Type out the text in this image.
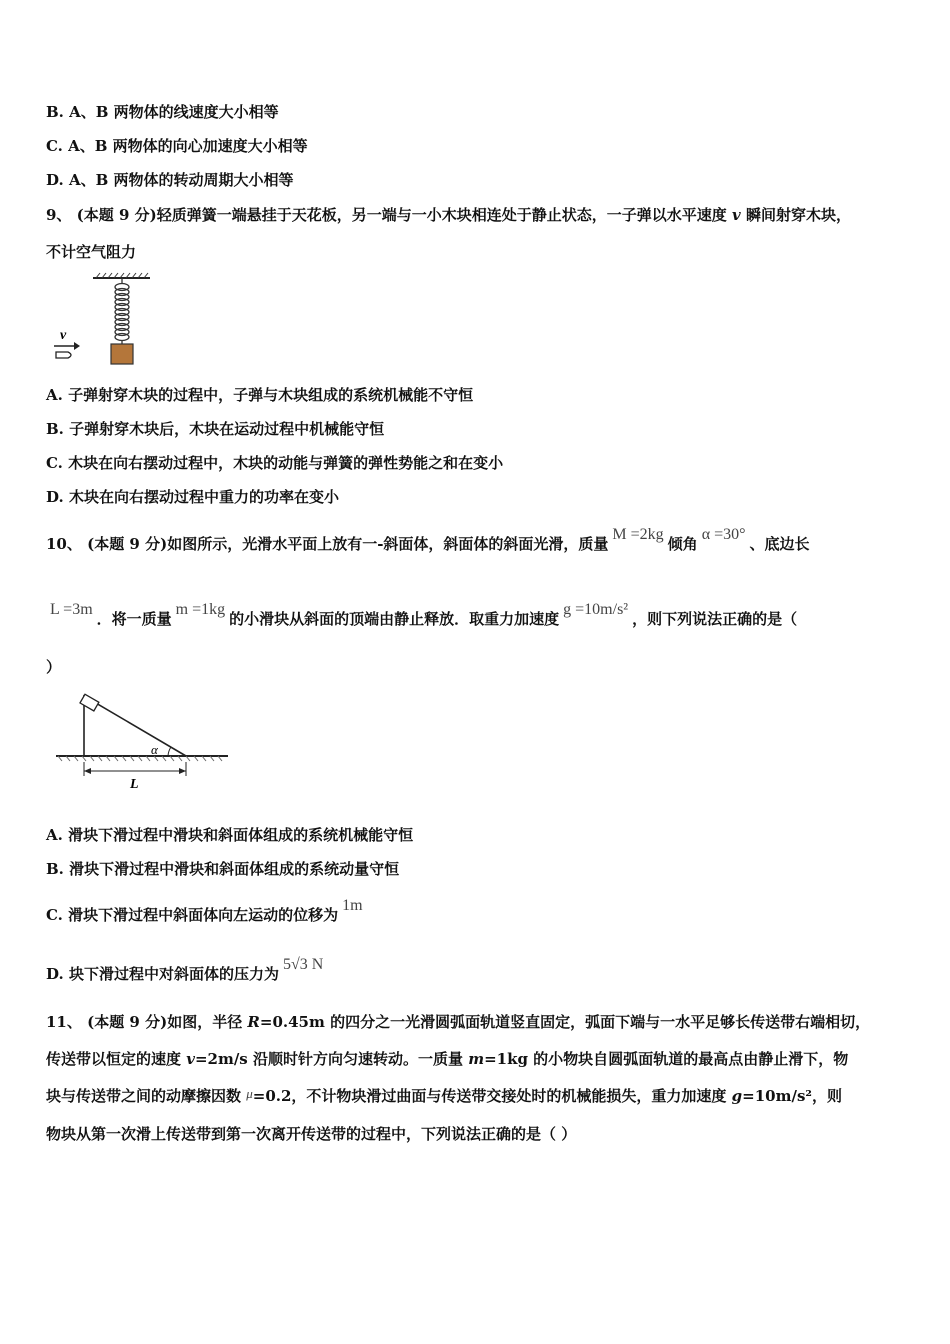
B. A、B 两物体的线速度大小相等
C. A、B 两物体的向心加速度大小相等
D. A、B 两物体的转动周期大小相等
9、 (本题 9 分)轻质弹簧一端悬挂于天花板，另一端与一小木块相连处于静止状态，一子弹以水平速度 v 瞬间射穿木块，
不计空气阻力
v
A. 子弹射穿木块的过程中，子弹与木块组成的系统机械能不守恒
B. 子弹射穿木块后，木块在运动过程中机械能守恒
C. 木块在向右摆动过程中，木块的动能与弹簧的弹性势能之和在变小
D. 木块在向右摆动过程中重力的功率在变小
10、 (本题 9 分)如图所示，光滑水平面上放有一-斜面体，斜面体的斜面光滑，质量M =2kg倾角α =30°、底边长
L =3m．将一质量m =1kg的小滑块从斜面的顶端由静止释放．取重力加速度g =10m/s²，则下列说法正确的是（
）
α
L
A. 滑块下滑过程中滑块和斜面体组成的系统机械能守恒
B. 滑块下滑过程中滑块和斜面体组成的系统动量守恒
C. 滑块下滑过程中斜面体向左运动的位移为1m
D. 块下滑过程中对斜面体的压力为5√3 N
11、 (本题 9 分)如图，半径 R=0.45m 的四分之一光滑圆弧面轨道竖直固定，弧面下端与一水平足够长传送带右端相切，
传送带以恒定的速度 v=2m/s 沿顺时针方向匀速转动。一质量 m=1kg 的小物块自圆弧面轨道的最高点由静止滑下，物
块与传送带之间的动摩擦因数 μ=0.2，不计物块滑过曲面与传送带交接处时的机械能损失，重力加速度 g=10m/s²，则
物块从第一次滑上传送带到第一次离开传送带的过程中，下列说法正确的是（ ）
